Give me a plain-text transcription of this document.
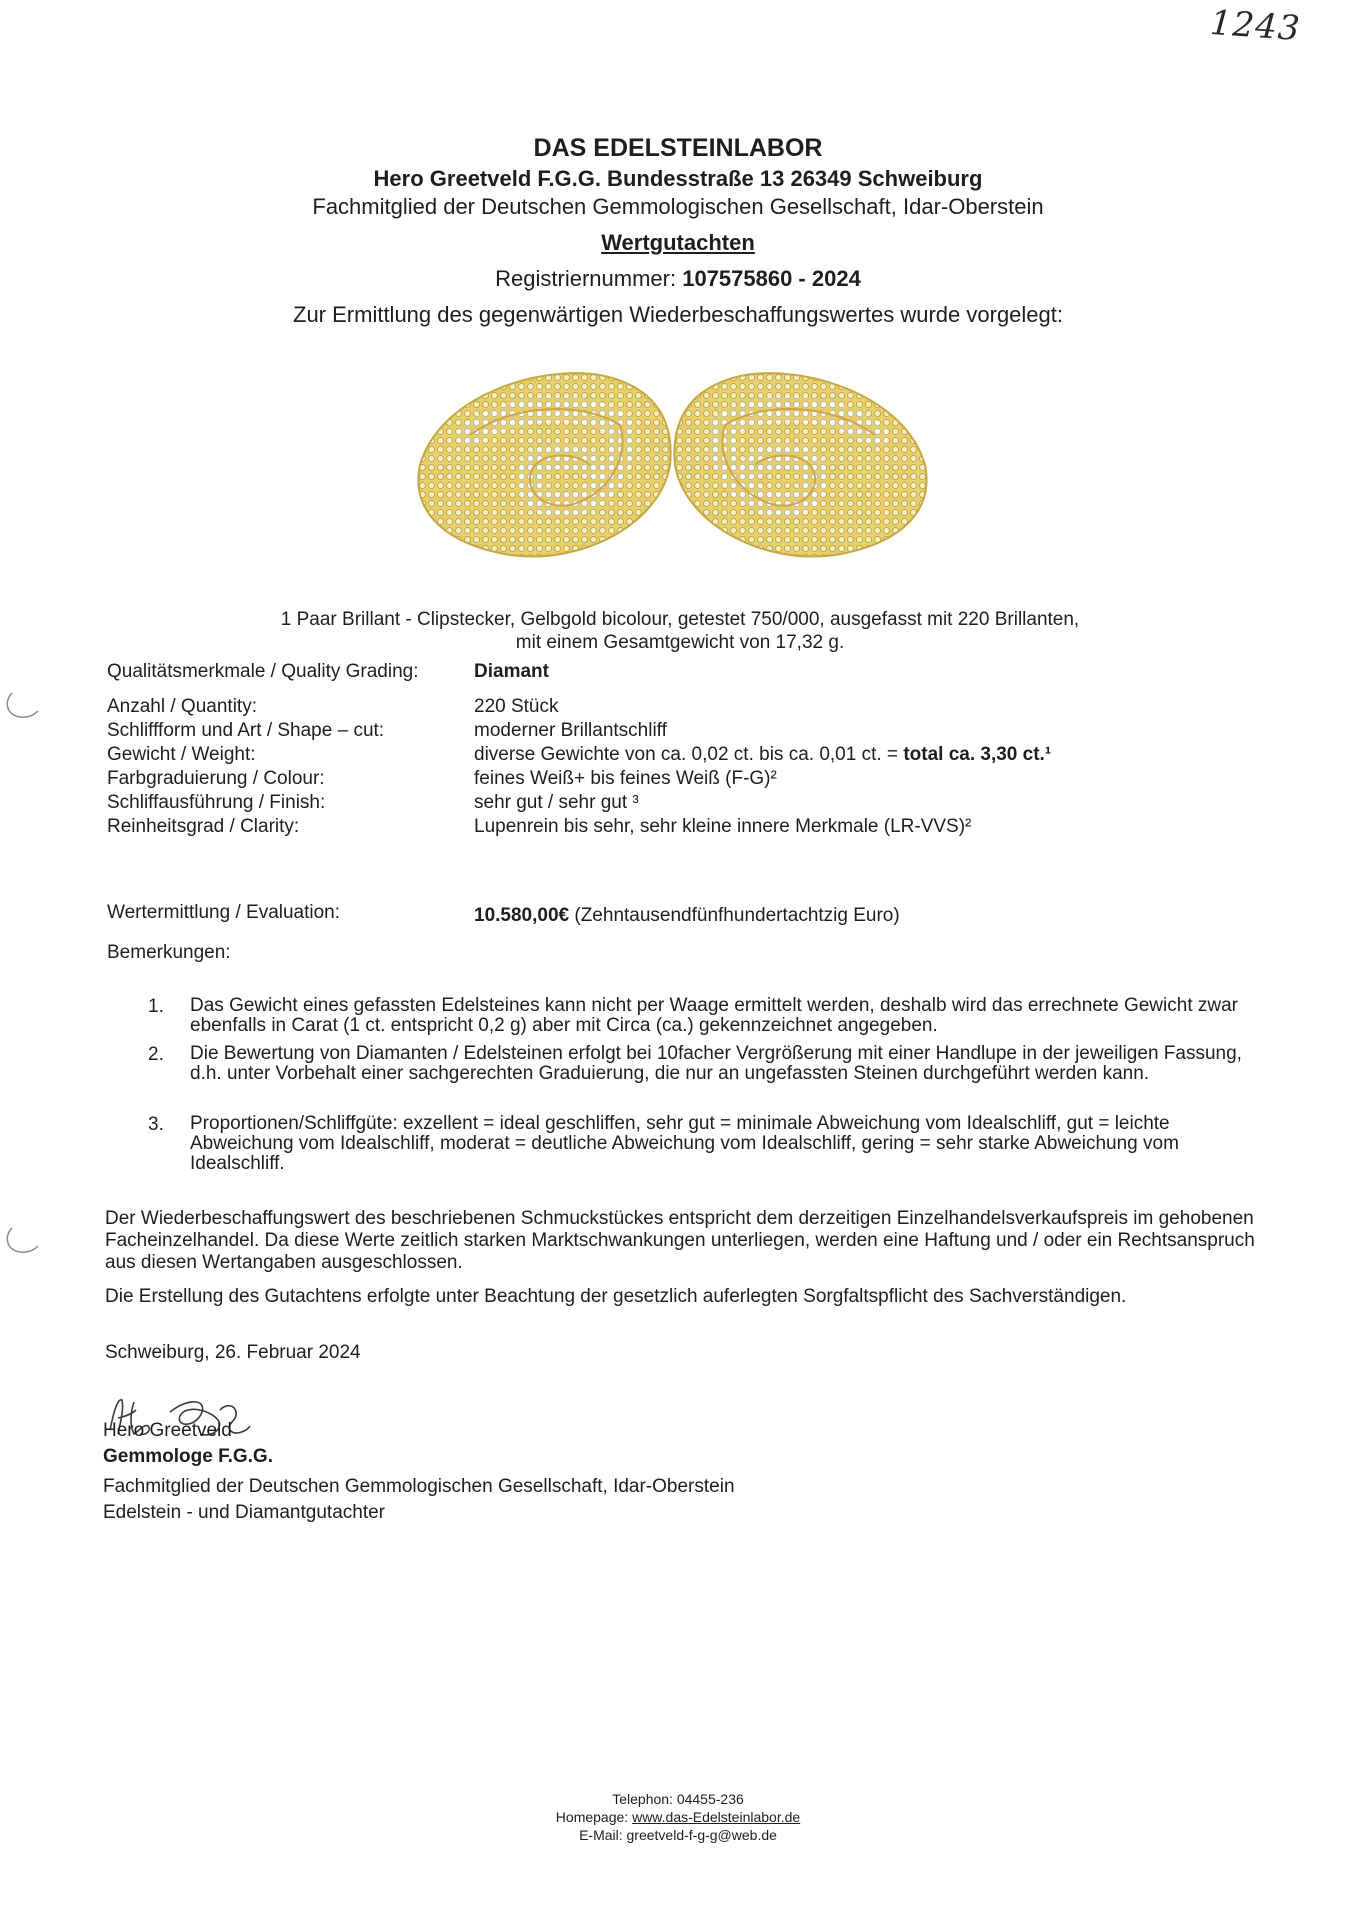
1243
DAS EDELSTEINLABOR
Hero Greetveld F.G.G. Bundesstraße 13 26349 Schweiburg
Fachmitglied der Deutschen Gemmologischen Gesellschaft, Idar-Oberstein
Wertgutachten
Registriernummer: 107575860 - 2024
Zur Ermittlung des gegenwärtigen Wiederbeschaffungswertes wurde vorgelegt:
1 Paar Brillant - Clipstecker, Gelbgold bicolour, getestet 750/000, ausgefasst mit 220 Brillanten,
mit einem Gesamtgewicht von 17,32 g.
Qualitätsmerkmale / Quality Grading:	Diamant
Anzahl / Quantity:	220 Stück
Schliffform und Art / Shape – cut:	moderner Brillantschliff
Gewicht / Weight:	diverse Gewichte von ca. 0,02 ct. bis ca. 0,01 ct. = total ca. 3,30 ct.¹
Farbgraduierung / Colour:	feines Weiß+ bis feines Weiß (F-G)²
Schliffausführung / Finish:	sehr gut / sehr gut ³
Reinheitsgrad / Clarity:	Lupenrein bis sehr, sehr kleine innere Merkmale (LR-VVS)²
Wertermittlung / Evaluation:	10.580,00€ (Zehntausendfünfhundertachtzig Euro)
Bemerkungen:
1. Das Gewicht eines gefassten Edelsteines kann nicht per Waage ermittelt werden, deshalb wird das errechnete Gewicht zwar ebenfalls in Carat (1 ct. entspricht 0,2 g) aber mit Circa (ca.) gekennzeichnet angegeben.
2. Die Bewertung von Diamanten / Edelsteinen erfolgt bei 10facher Vergrößerung mit einer Handlupe in der jeweiligen Fassung, d.h. unter Vorbehalt einer sachgerechten Graduierung, die nur an ungefassten Steinen durchgeführt werden kann.
3. Proportionen/Schliffgüte: exzellent = ideal geschliffen, sehr gut = minimale Abweichung vom Idealschliff, gut = leichte Abweichung vom Idealschliff, moderat = deutliche Abweichung vom Idealschliff, gering = sehr starke Abweichung vom Idealschliff.
Der Wiederbeschaffungswert des beschriebenen Schmuckstückes entspricht dem derzeitigen Einzelhandelsverkaufspreis im gehobenen Facheinzelhandel. Da diese Werte zeitlich starken Marktschwankungen unterliegen, werden eine Haftung und / oder ein Rechtsanspruch aus diesen Wertangaben ausgeschlossen.
Die Erstellung des Gutachtens erfolgte unter Beachtung der gesetzlich auferlegten Sorgfaltspflicht des Sachverständigen.
Schweiburg, 26. Februar 2024
Hero Greetveld
Gemmologe F.G.G.
Fachmitglied der Deutschen Gemmologischen Gesellschaft, Idar-Oberstein
Edelstein - und Diamantgutachter
Telephon: 04455-236
Homepage: www.das-Edelsteinlabor.de
E-Mail: greetveld-f-g-g@web.de
